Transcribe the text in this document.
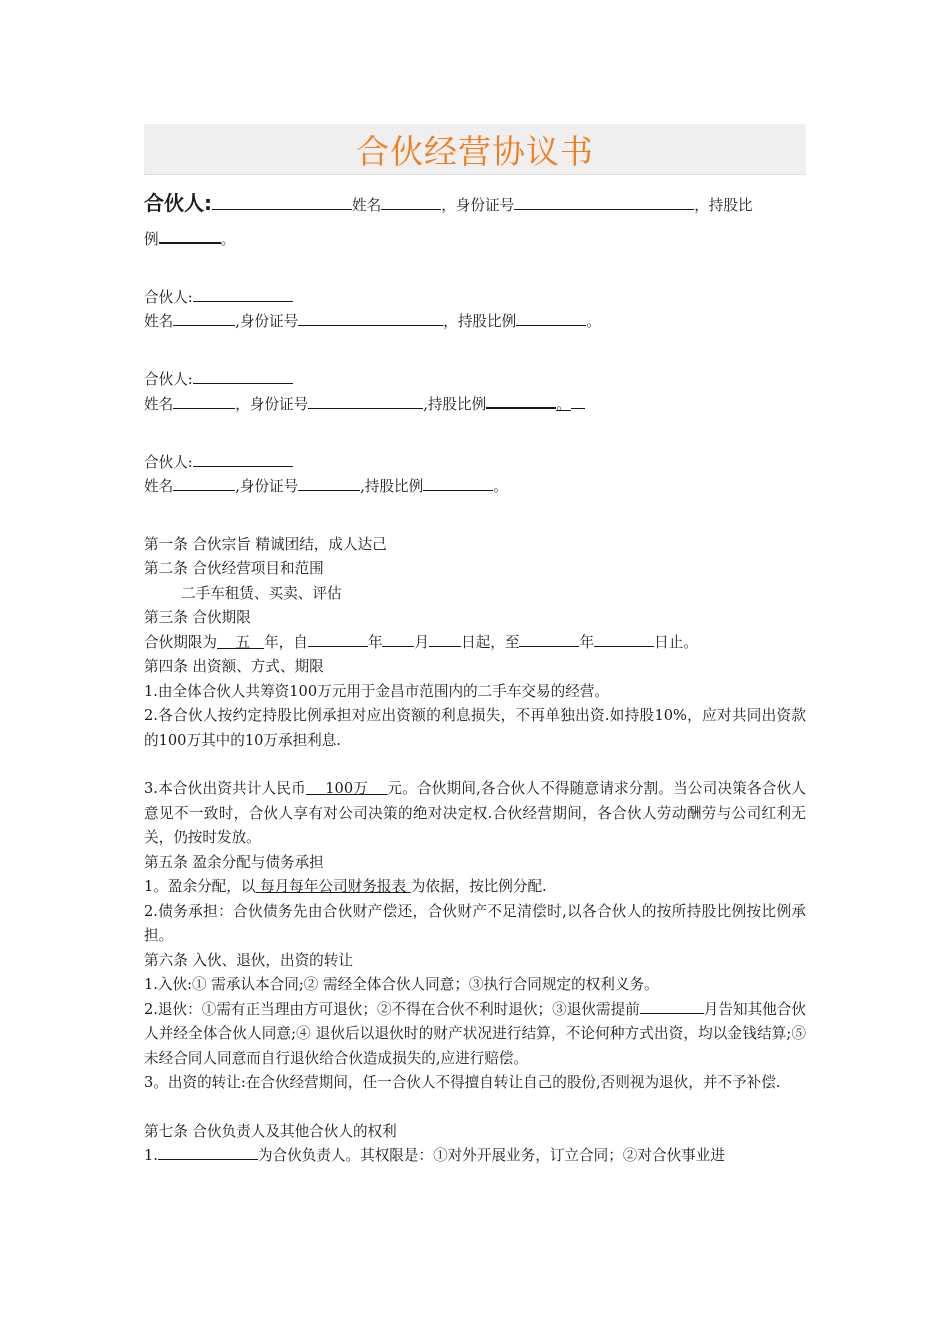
合伙经营协议书

合伙人:	姓名	，身份证号	，持股比

例	。

合伙人:

姓名	,身份证号	，持股比例	。

合伙人:

姓名	，身份证号	,持股比例	。

合伙人:

姓名	,身份证号	,持股比例	。

第一条 合伙宗旨 精诚团结，成人达己

第二条 合伙经营项目和范围

二手车租赁、买卖、评估

第三条 合伙期限

合伙期限为 五 年，自	年 月 日起，至	年	日止。

第四条 出资额、方式、期限

1.由全体合伙人共筹资100万元用于金昌市范围内的二手车交易的经营。

2.各合伙人按约定持股比例承担对应出资额的利息损失，不再单独出资.如持股10%，应对共同出资款的100万其中的10万承担利息.

3.本合伙出资共计人民币 100万 元。合伙期间,各合伙人不得随意请求分割。当公司决策各合伙人意见不一致时，合伙人享有对公司决策的绝对决定权.合伙经营期间，各合伙人劳动酬劳与公司红利无关，仍按时发放。

第五条 盈余分配与债务承担

1。盈余分配，以 每月每年公司财务报表 为依据，按比例分配.

2.债务承担：合伙债务先由合伙财产偿还，合伙财产不足清偿时,以各合伙人的按所持股比例按比例承担。

第六条 入伙、退伙，出资的转让

1.入伙:① 需承认本合同;② 需经全体合伙人同意；③执行合同规定的权利义务。

2.退伙：①需有正当理由方可退伙；②不得在合伙不利时退伙；③退伙需提前	月告知其他合伙人并经全体合伙人同意;④ 退伙后以退伙时的财产状况进行结算，不论何种方式出资，均以金钱结算;⑤ 未经合同人同意而自行退伙给合伙造成损失的,应进行赔偿。

3。出资的转让:在合伙经营期间，任一合伙人不得擅自转让自己的股份,否则视为退伙，并不予补偿.

第七条 合伙负责人及其他合伙人的权利

1.	为合伙负责人。其权限是：①对外开展业务，订立合同；②对合伙事业进
